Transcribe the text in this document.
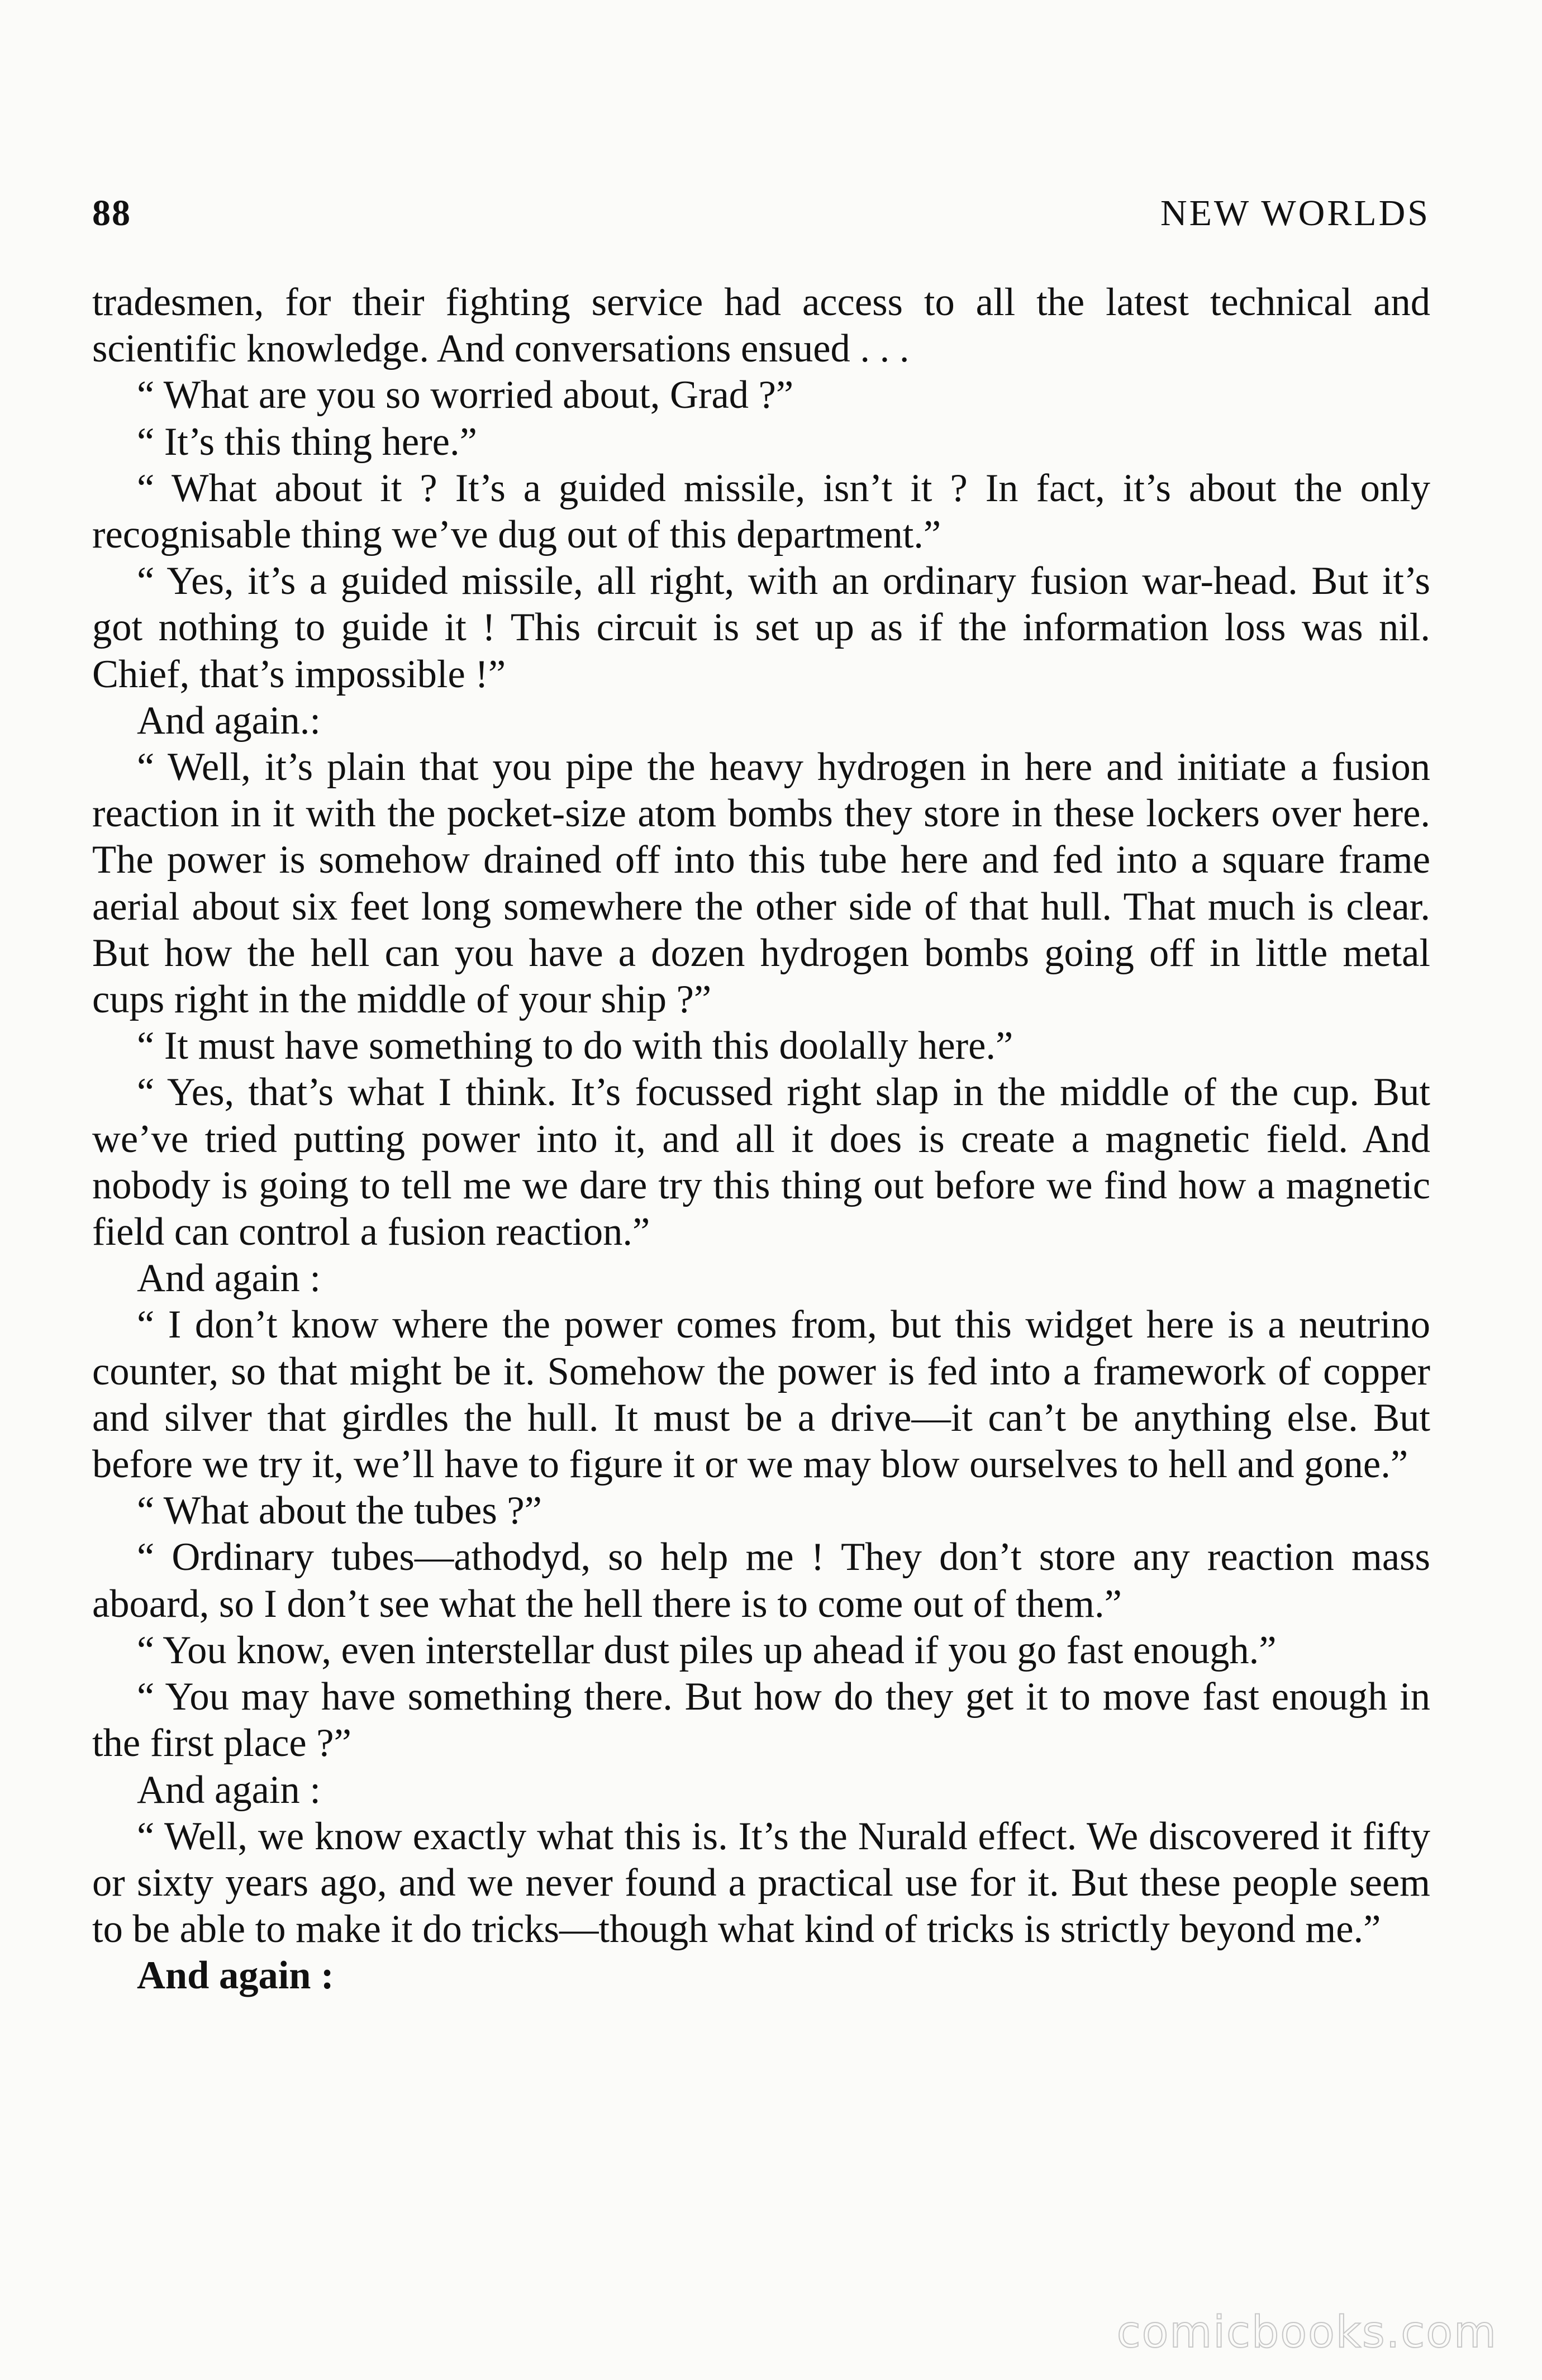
88	NEW WORLDS

tradesmen, for their fighting service had access to all the latest technical and scientific knowledge. And conversations ensued . . .

“ What are you so worried about, Grad ?”

“ It’s this thing here.”

“ What about it ? It’s a guided missile, isn’t it ? In fact, it’s about the only recognisable thing we’ve dug out of this department.”

“ Yes, it’s a guided missile, all right, with an ordinary fusion war-head. But it’s got nothing to guide it ! This circuit is set up as if the information loss was nil. Chief, that’s impossible !”

And again.:

“ Well, it’s plain that you pipe the heavy hydrogen in here and initiate a fusion reaction in it with the pocket-size atom bombs they store in these lockers over here. The power is somehow drained off into this tube here and fed into a square frame aerial about six feet long somewhere the other side of that hull. That much is clear. But how the hell can you have a dozen hydrogen bombs going off in little metal cups right in the middle of your ship ?”

“ It must have something to do with this doolally here.”

“ Yes, that’s what I think. It’s focussed right slap in the middle of the cup. But we’ve tried putting power into it, and all it does is create a magnetic field. And nobody is going to tell me we dare try this thing out before we find how a magnetic field can control a fusion reaction.”

And again :

“ I don’t know where the power comes from, but this widget here is a neutrino counter, so that might be it. Somehow the power is fed into a framework of copper and silver that girdles the hull. It must be a drive—it can’t be anything else. But before we try it, we’ll have to figure it or we may blow ourselves to hell and gone.”

“ What about the tubes ?”

“ Ordinary tubes—athodyd, so help me ! They don’t store any reaction mass aboard, so I don’t see what the hell there is to come out of them.”

“ You know, even interstellar dust piles up ahead if you go fast enough.”

“ You may have something there. But how do they get it to move fast enough in the first place ?”

And again :

“ Well, we know exactly what this is. It’s the Nurald effect. We discovered it fifty or sixty years ago, and we never found a practical use for it. But these people seem to be able to make it do tricks—though what kind of tricks is strictly beyond me.”

And again :

comicbooks.com
